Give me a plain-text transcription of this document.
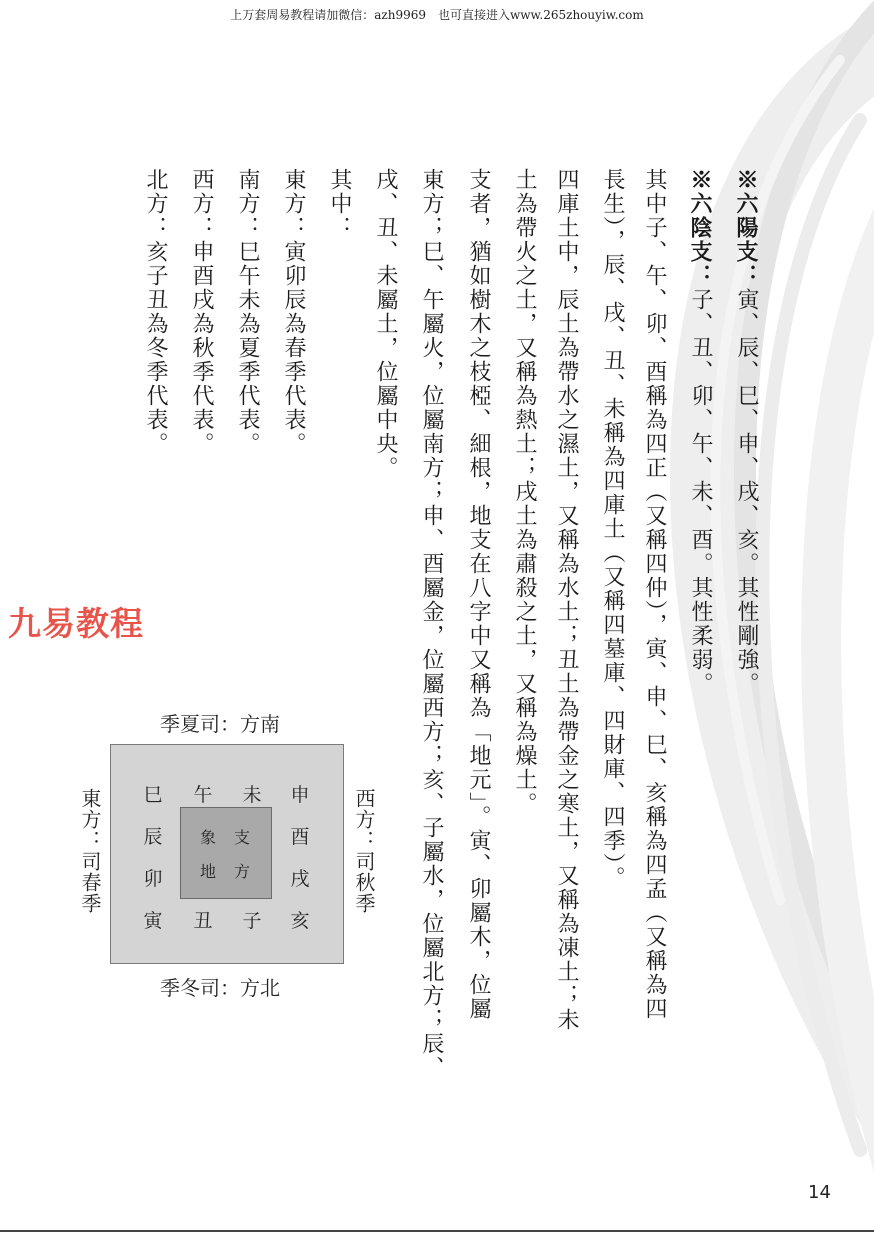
上万套周易教程请加微信：azh9969　也可直接进入www.265zhouyiw.com
※六陽支：寅、辰、巳、申、戌、亥。其性剛強。
※六陰支：子、丑、卯、午、未、酉。其性柔弱。
其中子、午、卯、酉稱為四正（又稱四仲），寅、申、巳、亥稱為四孟（又稱為四
長生），辰、戌、丑、未稱為四庫土（又稱四墓庫、四財庫、四季）。
四庫土中，辰土為帶水之濕土，又稱為水土；丑土為帶金之寒土，又稱為凍土；未
土為帶火之土，又稱為熱土；戌土為肅殺之土，又稱為燥土。
支者，猶如樹木之枝椏、細根，地支在八字中又稱為「地元」。寅、卯屬木，位屬
東方；巳、午屬火，位屬南方；申、酉屬金，位屬西方；亥、子屬水，位屬北方；辰、
戌、丑、未屬土，位屬中央。
其中：
東方：寅卯辰為春季代表。
南方：巳午未為夏季代表。
西方：申酉戌為秋季代表。
北方：亥子丑為冬季代表。
九易教程
季夏司：方南
季冬司：方北
東方：司春季	西方：司秋季
巳 午 未 申
辰	酉
卯	戌
寅 丑 子 亥
象 支
地 方
14
